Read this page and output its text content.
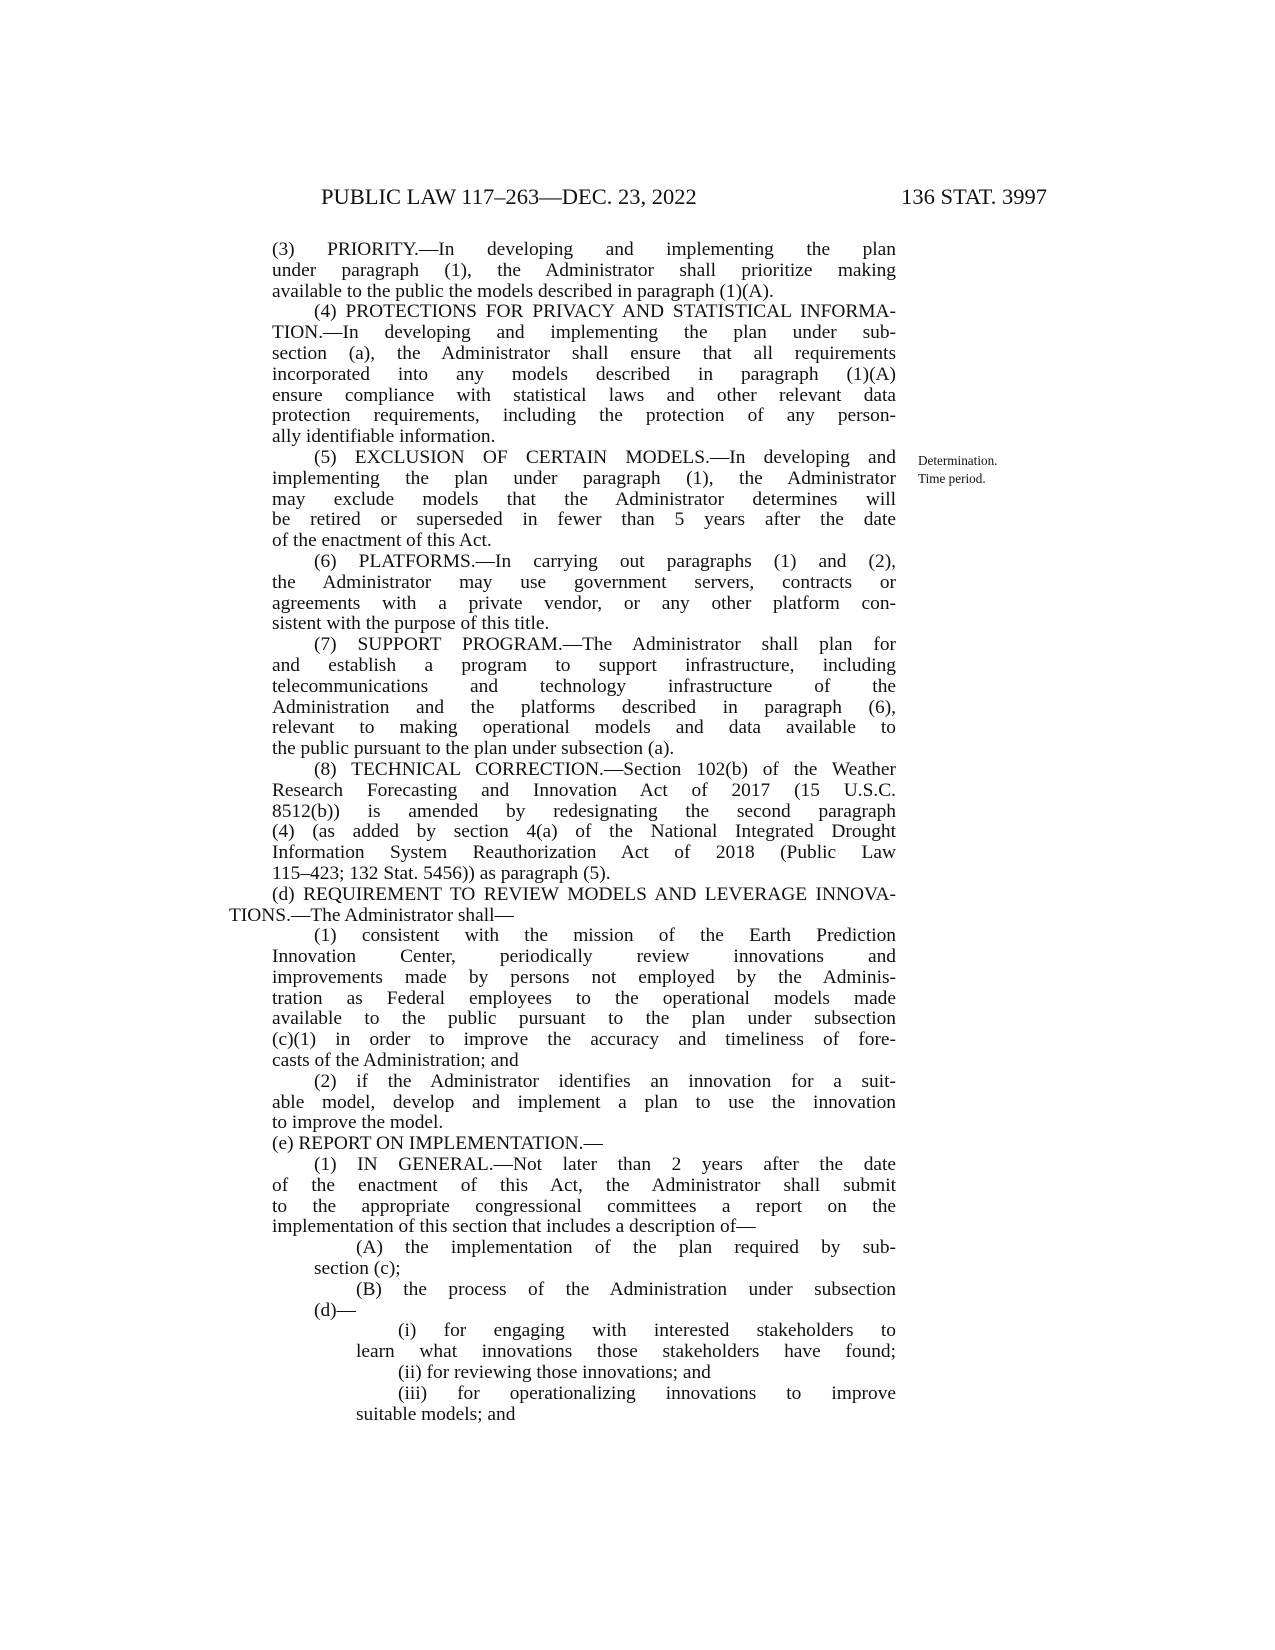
PUBLIC LAW 117–263—DEC. 23, 2022	136 STAT. 3997
Determination.
Time period.
(3) PRIORITY.—In developing and implementing the plan
under paragraph (1), the Administrator shall prioritize making
available to the public the models described in paragraph (1)(A).
(4) PROTECTIONS FOR PRIVACY AND STATISTICAL INFORMA-
TION.—In developing and implementing the plan under sub-
section (a), the Administrator shall ensure that all requirements
incorporated into any models described in paragraph (1)(A)
ensure compliance with statistical laws and other relevant data
protection requirements, including the protection of any person-
ally identifiable information.
(5) EXCLUSION OF CERTAIN MODELS.—In developing and
implementing the plan under paragraph (1), the Administrator
may exclude models that the Administrator determines will
be retired or superseded in fewer than 5 years after the date
of the enactment of this Act.
(6) PLATFORMS.—In carrying out paragraphs (1) and (2),
the Administrator may use government servers, contracts or
agreements with a private vendor, or any other platform con-
sistent with the purpose of this title.
(7) SUPPORT PROGRAM.—The Administrator shall plan for
and establish a program to support infrastructure, including
telecommunications and technology infrastructure of the
Administration and the platforms described in paragraph (6),
relevant to making operational models and data available to
the public pursuant to the plan under subsection (a).
(8) TECHNICAL CORRECTION.—Section 102(b) of the Weather
Research Forecasting and Innovation Act of 2017 (15 U.S.C.
8512(b)) is amended by redesignating the second paragraph
(4) (as added by section 4(a) of the National Integrated Drought
Information System Reauthorization Act of 2018 (Public Law
115–423; 132 Stat. 5456)) as paragraph (5).
(d) REQUIREMENT TO REVIEW MODELS AND LEVERAGE INNOVA-
TIONS.—The Administrator shall—
(1) consistent with the mission of the Earth Prediction
Innovation Center, periodically review innovations and
improvements made by persons not employed by the Adminis-
tration as Federal employees to the operational models made
available to the public pursuant to the plan under subsection
(c)(1) in order to improve the accuracy and timeliness of fore-
casts of the Administration; and
(2) if the Administrator identifies an innovation for a suit-
able model, develop and implement a plan to use the innovation
to improve the model.
(e) REPORT ON IMPLEMENTATION.—
(1) IN GENERAL.—Not later than 2 years after the date
of the enactment of this Act, the Administrator shall submit
to the appropriate congressional committees a report on the
implementation of this section that includes a description of—
(A) the implementation of the plan required by sub-
section (c);
(B) the process of the Administration under subsection
(d)—
(i) for engaging with interested stakeholders to
learn what innovations those stakeholders have found;
(ii) for reviewing those innovations; and
(iii) for operationalizing innovations to improve
suitable models; and
